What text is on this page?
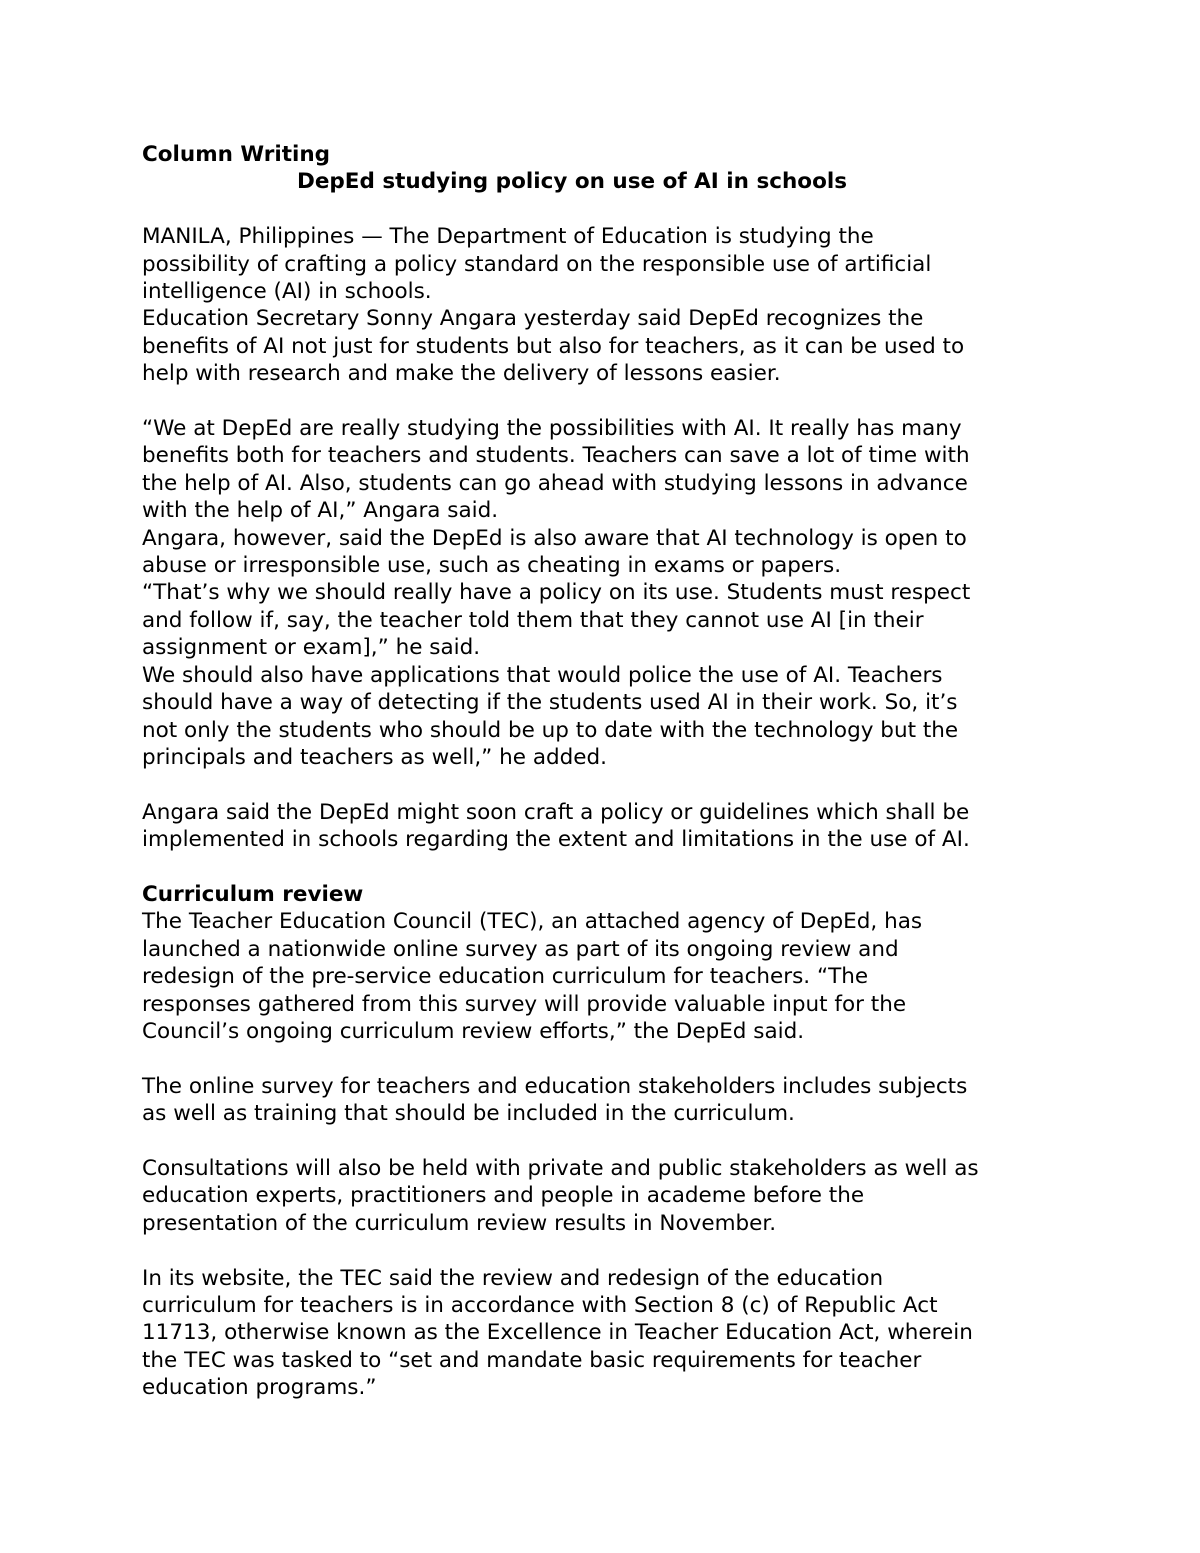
Column Writing

DepEd studying policy on use of AI in schools

MANILA, Philippines — The Department of Education is studying the
possibility of crafting a policy standard on the responsible use of artificial
intelligence (AI) in schools.

Education Secretary Sonny Angara yesterday said DepEd recognizes the
benefits of AI not just for students but also for teachers, as it can be used to
help with research and make the delivery of lessons easier.

“We at DepEd are really studying the possibilities with AI. It really has many
benefits both for teachers and students. Teachers can save a lot of time with
the help of AI. Also, students can go ahead with studying lessons in advance
with the help of AI,” Angara said.

Angara, however, said the DepEd is also aware that AI technology is open to
abuse or irresponsible use, such as cheating in exams or papers.

“That’s why we should really have a policy on its use. Students must respect
and follow if, say, the teacher told them that they cannot use AI [in their
assignment or exam],” he said.

We should also have applications that would police the use of AI. Teachers
should have a way of detecting if the students used AI in their work. So, it’s
not only the students who should be up to date with the technology but the
principals and teachers as well,” he added.

Angara said the DepEd might soon craft a policy or guidelines which shall be
implemented in schools regarding the extent and limitations in the use of AI.

Curriculum review

The Teacher Education Council (TEC), an attached agency of DepEd, has
launched a nationwide online survey as part of its ongoing review and
redesign of the pre-service education curriculum for teachers. “The
responses gathered from this survey will provide valuable input for the
Council’s ongoing curriculum review efforts,” the DepEd said.

The online survey for teachers and education stakeholders includes subjects
as well as training that should be included in the curriculum.

Consultations will also be held with private and public stakeholders as well as
education experts, practitioners and people in academe before the
presentation of the curriculum review results in November.

In its website, the TEC said the review and redesign of the education
curriculum for teachers is in accordance with Section 8 (c) of Republic Act
11713, otherwise known as the Excellence in Teacher Education Act, wherein
the TEC was tasked to “set and mandate basic requirements for teacher
education programs.”
